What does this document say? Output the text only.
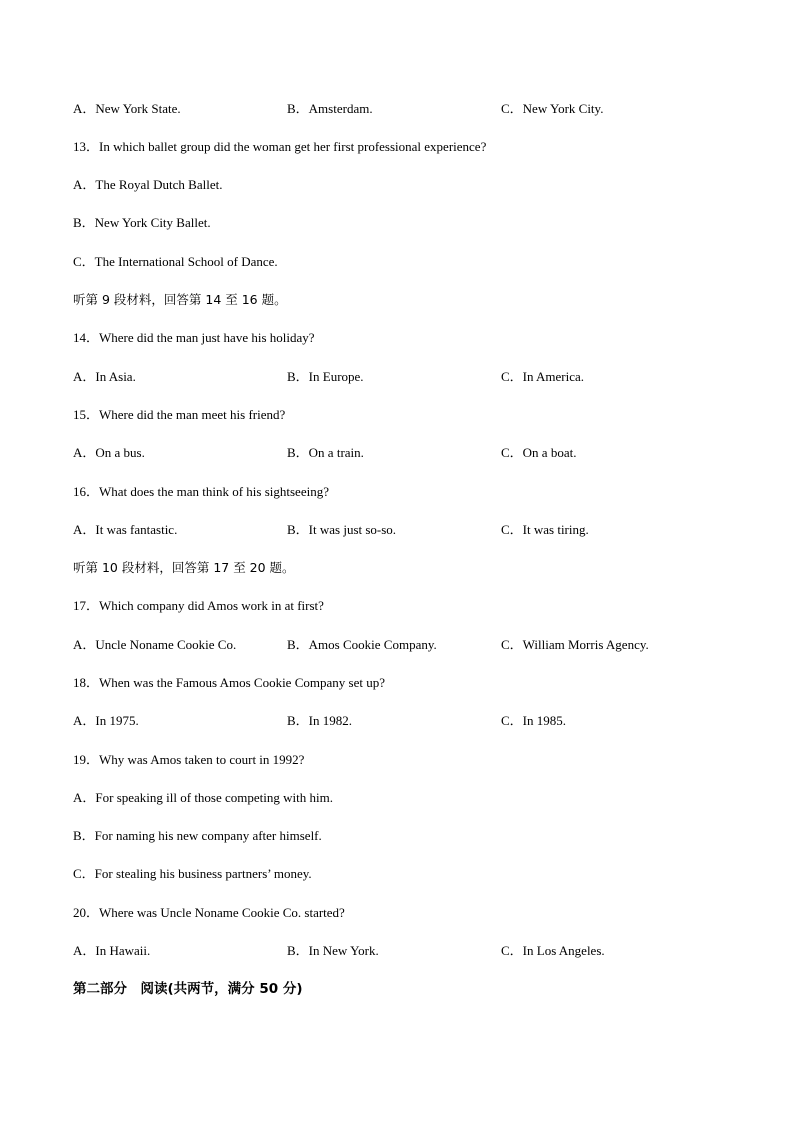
A．New York State.	B．Amsterdam.	C．New York City.
13．In which ballet group did the woman get her first professional experience?
A．The Royal Dutch Ballet.
B．New York City Ballet.
C．The International School of Dance.
听第 9 段材料，回答第 14 至 16 题。
14．Where did the man just have his holiday?
A．In Asia.	B．In Europe.	C．In America.
15．Where did the man meet his friend?
A．On a bus.	B．On a train.	C．On a boat.
16．What does the man think of his sightseeing?
A．It was fantastic.	B．It was just so-so.	C．It was tiring.
听第 10 段材料，回答第 17 至 20 题。
17．Which company did Amos work in at first?
A．Uncle Noname Cookie Co.	B．Amos Cookie Company.	C．William Morris Agency.
18．When was the Famous Amos Cookie Company set up?
A．In 1975.	B．In 1982.	C．In 1985.
19．Why was Amos taken to court in 1992?
A．For speaking ill of those competing with him.
B．For naming his new company after himself.
C．For stealing his business partners’ money.
20．Where was Uncle Noname Cookie Co. started?
A．In Hawaii.	B．In New York.	C．In Los Angeles.
第二部分　阅读(共两节，满分 50 分)
